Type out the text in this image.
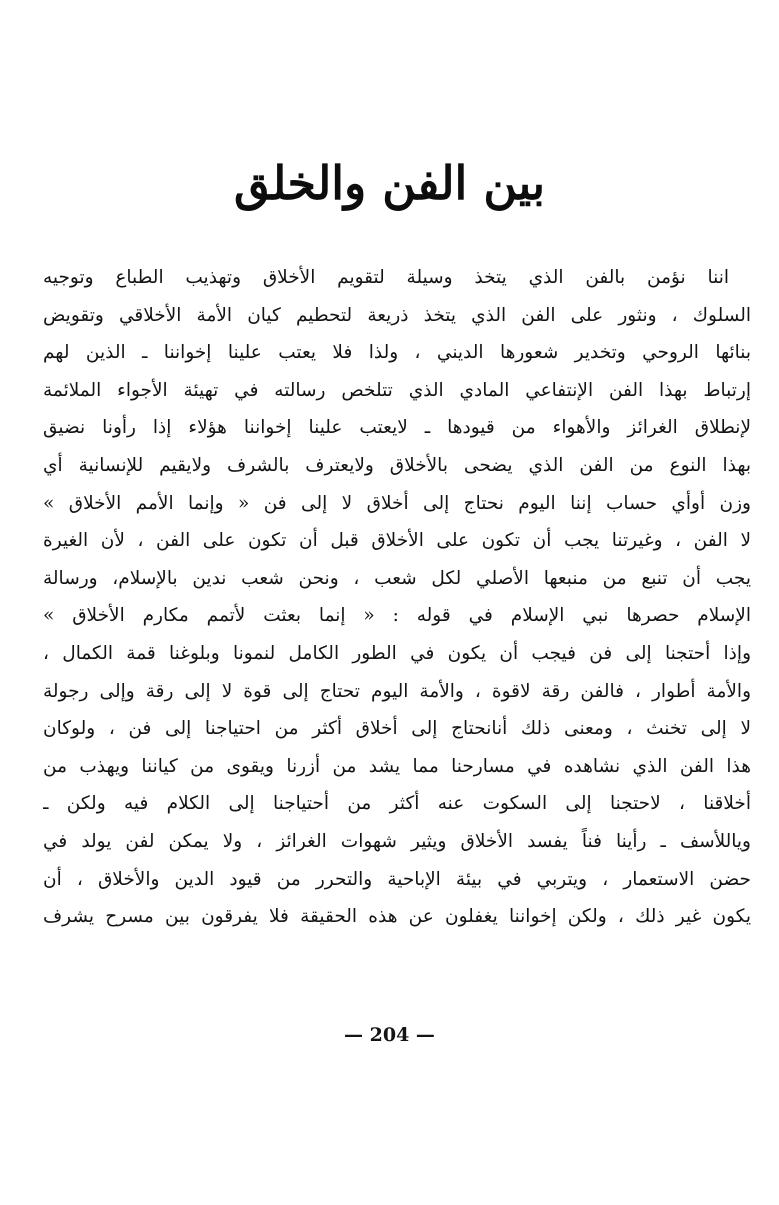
بين الفن والخلق
اننا نؤمن بالفن الذي يتخذ وسيلة لتقويم الأخلاق وتهذيب الطباع وتوجيه
السلوك ، ونثور على الفن الذي يتخذ ذريعة لتحطيم كيان الأمة الأخلاقي وتقويض
بنائها الروحي وتخدير شعورها الديني ، ولذا فلا يعتب علينا إخواننا ـ الذين لهم
إرتباط بهذا الفن الإنتفاعي المادي الذي تتلخص رسالته في تهيئة الأجواء الملائمة
لإنطلاق الغرائز والأهواء من قيودها ـ لايعتب علينا إخواننا هؤلاء إذا رأونا نضيق
بهذا النوع من الفن الذي يضحى بالأخلاق ولايعترف بالشرف ولايقيم للإنسانية أي
وزن أوأي حساب إننا اليوم نحتاج إلى أخلاق لا إلى فن « وإنما الأمم الأخلاق »
لا الفن ، وغيرتنا يجب أن تكون على الأخلاق قبل أن تكون على الفن ، لأن الغيرة
يجب أن تنبع من منبعها الأصلي لكل شعب ، ونحن شعب ندين بالإسلام، ورسالة
الإسلام حصرها نبي الإسلام في قوله : « إنما بعثت لأتمم مكارم الأخلاق »
وإذا أحتجنا إلى فن فيجب أن يكون في الطور الكامل لنمونا وبلوغنا قمة الكمال ،
والأمة أطوار ، فالفن رقة لاقوة ، والأمة اليوم تحتاج إلى قوة لا إلى رقة وإلى رجولة
لا إلى تخنث ، ومعنى ذلك أنانحتاج إلى أخلاق أكثر من احتياجنا إلى فن ، ولوكان
هذا الفن الذي نشاهده في مسارحنا مما يشد من أزرنا ويقوى من كياننا ويهذب من
أخلاقنا ، لاحتجنا إلى السكوت عنه أكثر من أحتياجنا إلى الكلام فيه ولكن ـ
وياللأسف ـ رأينا فناً يفسد الأخلاق ويثير شهوات الغرائز ، ولا يمكن لفن يولد في
حضن الاستعمار ، ويتربي في بيئة الإباحية والتحرر من قيود الدين والأخلاق ، أن
يكون غير ذلك ، ولكن إخواننا يغفلون عن هذه الحقيقة فلا يفرقون بين مسرح يشرف
— 204 —
